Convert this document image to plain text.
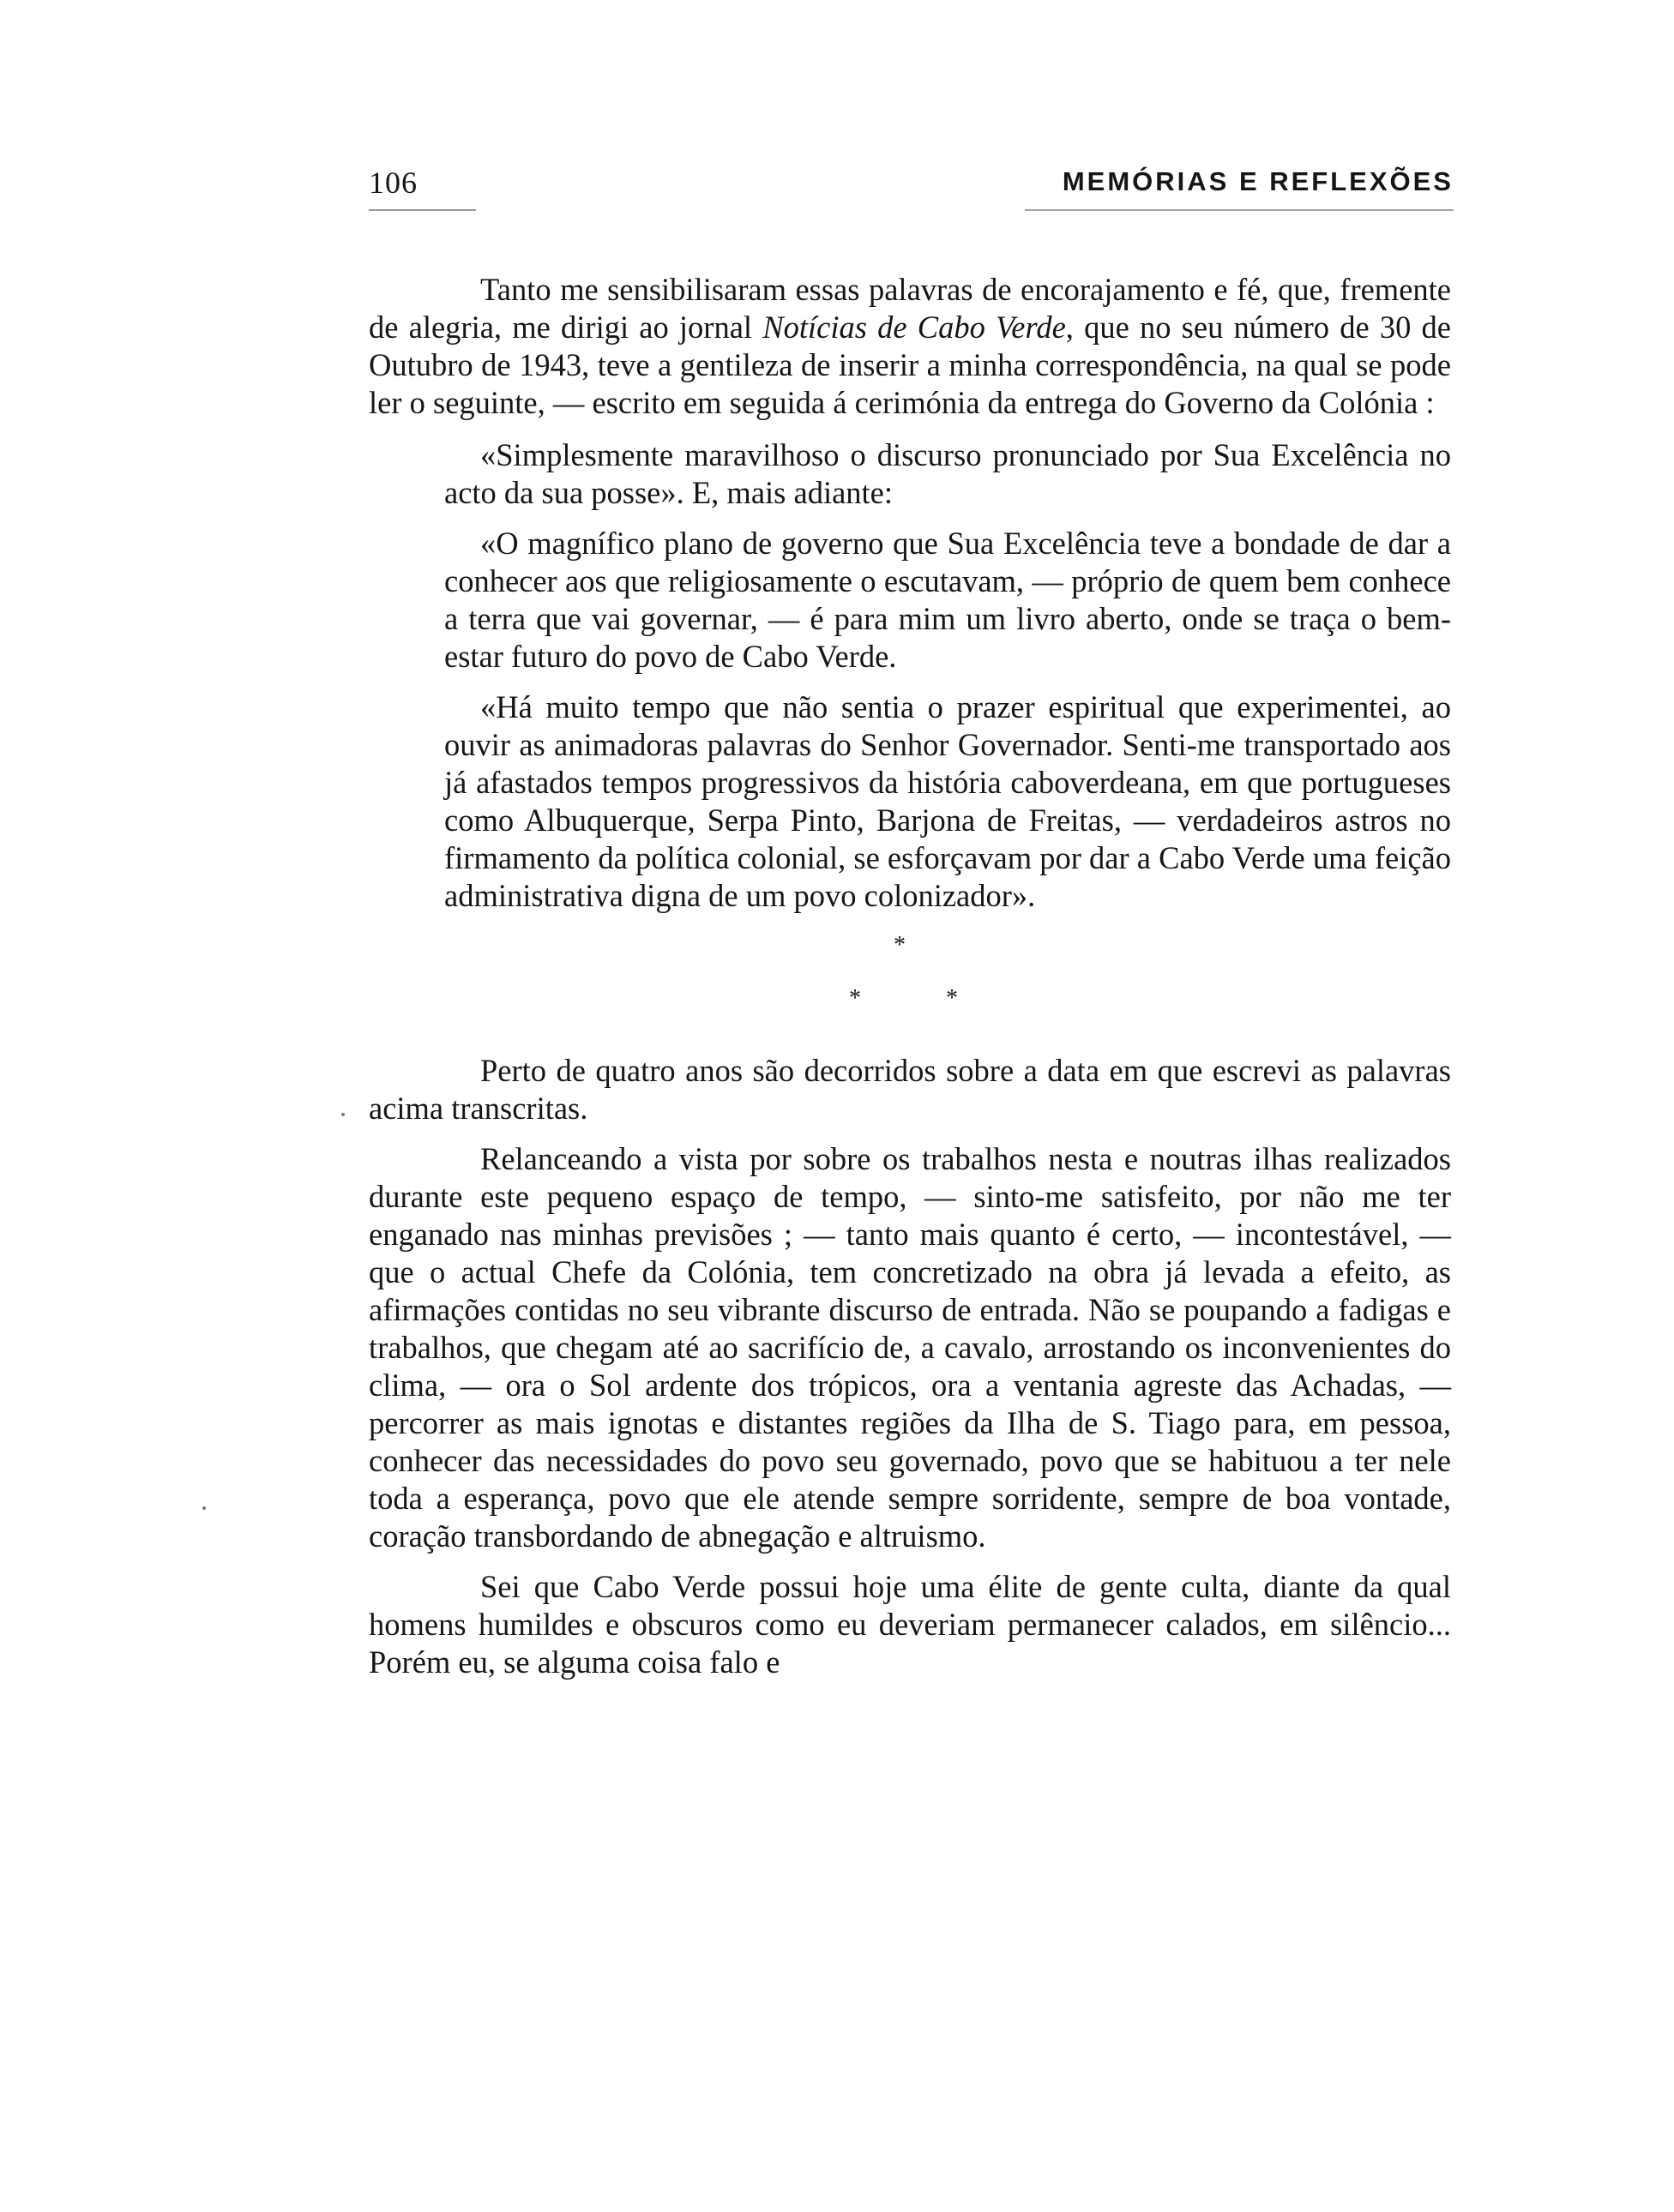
106	MEMÓRIAS E REFLEXÕES

Tanto me sensibilisaram essas palavras de encorajamento e fé, que, fremente de alegria, me dirigi ao jornal Notícias de Cabo Verde, que no seu número de 30 de Outubro de 1943, teve a gentileza de inserir a minha correspondência, na qual se pode ler o seguinte, — escrito em seguida á cerimónia da entrega do Governo da Colónia :

«Simplesmente maravilhoso o discurso pronunciado por Sua Excelência no acto da sua posse». E, mais adiante:

«O magnífico plano de governo que Sua Excelência teve a bondade de dar a conhecer aos que religiosamente o escutavam, — próprio de quem bem conhece a terra que vai governar, — é para mim um livro aberto, onde se traça o bem-estar futuro do povo de Cabo Verde.

«Há muito tempo que não sentia o prazer espiritual que experimentei, ao ouvir as animadoras palavras do Senhor Governador. Senti-me transportado aos já afastados tempos progressivos da história caboverdeana, em que portugueses como Albuquerque, Serpa Pinto, Barjona de Freitas, — verdadeiros astros no firmamento da política colonial, se esforçavam por dar a Cabo Verde uma feição administrativa digna de um povo colonizador».

*
*	*

Perto de quatro anos são decorridos sobre a data em que escrevi as palavras acima transcritas.

Relanceando a vista por sobre os trabalhos nesta e noutras ilhas realizados durante este pequeno espaço de tempo, — sinto-me satisfeito, por não me ter enganado nas minhas previsões ; — tanto mais quanto é certo, — incontestável, — que o actual Chefe da Colónia, tem concretizado na obra já levada a efeito, as afirmações contidas no seu vibrante discurso de entrada. Não se poupando a fadigas e trabalhos, que chegam até ao sacrifício de, a cavalo, arrostando os inconvenientes do clima, — ora o Sol ardente dos trópicos, ora a ventania agreste das Achadas, — percorrer as mais ignotas e distantes regiões da Ilha de S. Tiago para, em pessoa, conhecer das necessidades do povo seu governado, povo que se habituou a ter nele toda a esperança, povo que ele atende sempre sorridente, sempre de boa vontade, coração transbordando de abnegação e altruismo.

Sei que Cabo Verde possui hoje uma élite de gente culta, diante da qual homens humildes e obscuros como eu deveriam permanecer calados, em silêncio... Porém eu, se alguma coisa falo e
